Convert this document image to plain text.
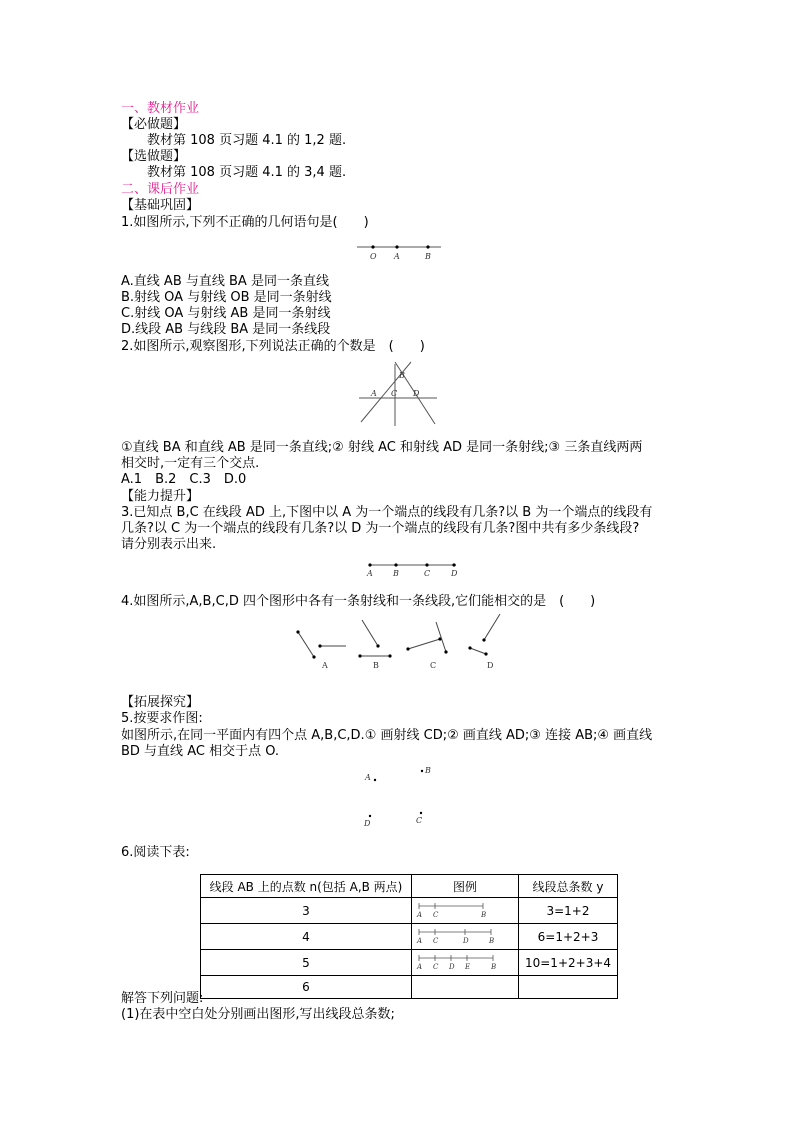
一、教材作业
【必做题】
教材第 108 页习题 4.1 的 1,2 题.
【选做题】
教材第 108 页习题 4.1 的 3,4 题.
二、课后作业
【基础巩固】
1.如图所示,下列不正确的几何语句是(　　)
O A	B
A.直线 AB 与直线 BA 是同一条直线
B.射线 OA 与射线 OB 是同一条射线
C.射线 OA 与射线 AB 是同一条射线
D.线段 AB 与线段 BA 是同一条线段
2.如图所示,观察图形,下列说法正确的个数是　(　　)
B
A C D
①直线 BA 和直线 AB 是同一条直线;② 射线 AC 和射线 AD 是同一条射线;③ 三条直线两两
相交时,一定有三个交点.
A.1　B.2　C.3　D.0
【能力提升】
3.已知点 B,C 在线段 AD 上,下图中以 A 为一个端点的线段有几条?以 B 为一个端点的线段有
几条?以 C 为一个端点的线段有几条?以 D 为一个端点的线段有几条?图中共有多少条线段?
请分别表示出来.
A	B	C	D
4.如图所示,A,B,C,D 四个图形中各有一条射线和一条线段,它们能相交的是　(　　)
A	B	C	D
【拓展探究】
5.按要求作图:
如图所示,在同一平面内有四个点 A,B,C,D.① 画射线 CD;② 画直线 AD;③ 连接 AB;④ 画直线
BD 与直线 AC 相交于点 O.
A
B
D	C
6.阅读下表:
线段 AB 上的点数 n(包括 A,B 两点)	图例	线段总条数 y
3	A C B	3=1+2
4	A C D B	6=1+2+3
5	A C D E B	10=1+2+3+4
6		
解答下列问题:
(1)在表中空白处分别画出图形,写出线段总条数;
